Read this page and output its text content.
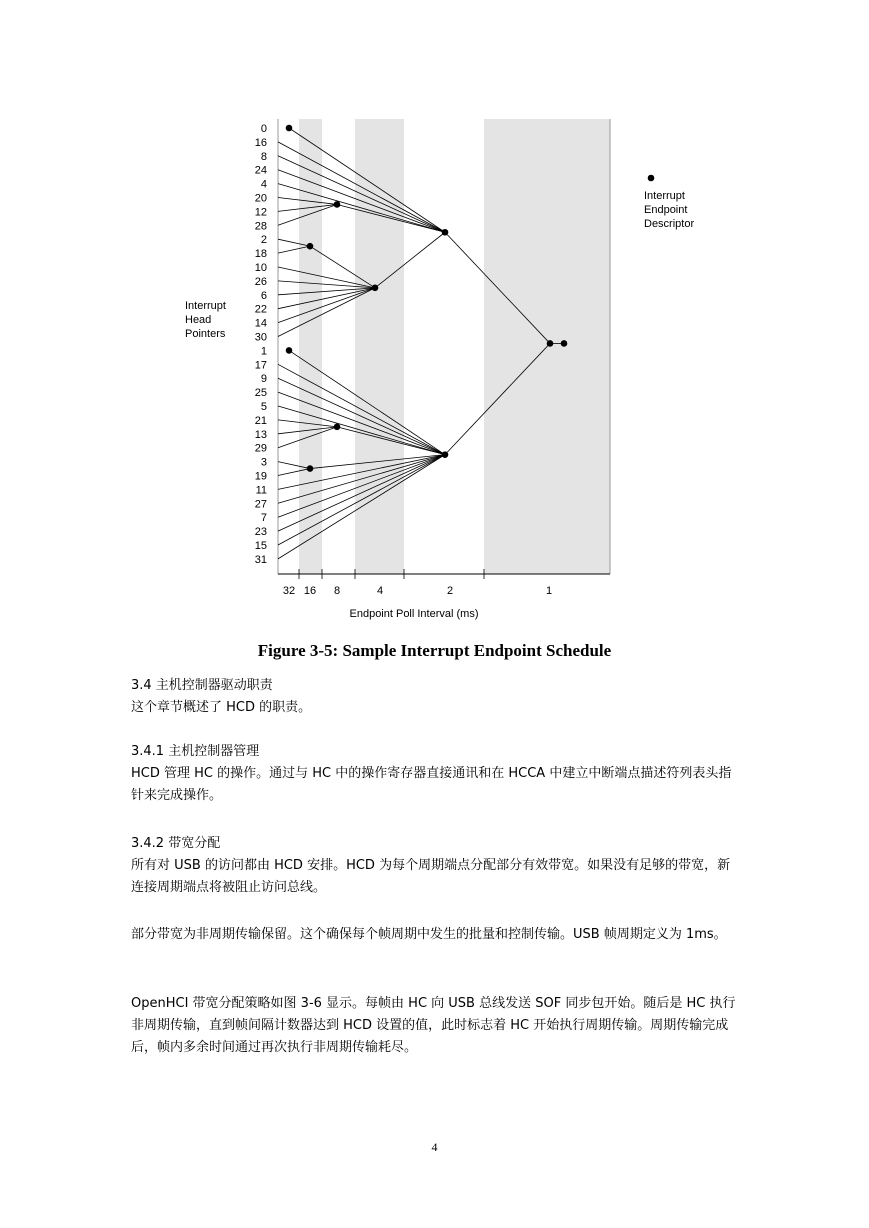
0
16
8
24
4
20
12
28
2
18
10
26
6
22
14
30
1
17
9
25
5
21
13
29
3
19
11
27
7
23
15
31
32 16 8	4	2	1
Endpoint Poll Interval (ms)
Interrupt Head Pointers
Interrupt Endpoint Descriptor
Figure 3-5: Sample Interrupt Endpoint Schedule

3.4 主机控制器驱动职责

这个章节概述了 HCD 的职责。

3.4.1 主机控制器管理

HCD 管理 HC 的操作。通过与 HC 中的操作寄存器直接通讯和在 HCCA 中建立中断端点描述符列表头指针来完成操作。

3.4.2 带宽分配

所有对 USB 的访问都由 HCD 安排。HCD 为每个周期端点分配部分有效带宽。如果没有足够的带宽，新连接周期端点将被阻止访问总线。

部分带宽为非周期传输保留。这个确保每个帧周期中发生的批量和控制传输。USB 帧周期定义为 1ms。

OpenHCI 带宽分配策略如图 3-6 显示。每帧由 HC 向 USB 总线发送 SOF 同步包开始。随后是 HC 执行非周期传输，直到帧间隔计数器达到 HCD 设置的值，此时标志着 HC 开始执行周期传输。周期传输完成后，帧内多余时间通过再次执行非周期传输耗尽。

4
